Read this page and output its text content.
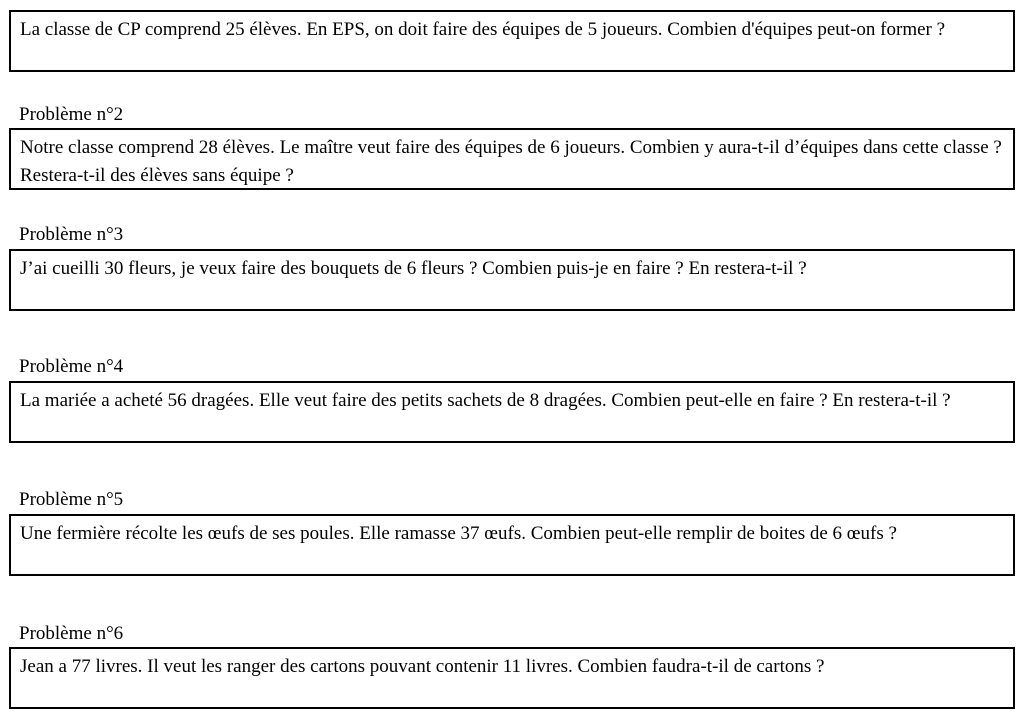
La classe de CP comprend 25 élèves. En EPS, on doit faire des équipes de 5 joueurs. Combien d'équipes peut-on former ?

Problème n°2

Notre classe comprend 28 élèves. Le maître veut faire des équipes de 6 joueurs. Combien y aura-t-il d’équipes dans cette classe ? Restera-t-il des élèves sans équipe ?

Problème n°3

J’ai cueilli 30 fleurs, je veux faire des bouquets de 6 fleurs ? Combien puis-je en faire ? En restera-t-il ?

Problème n°4

La mariée a acheté 56 dragées. Elle veut faire des petits sachets de 8 dragées. Combien peut-elle en faire ? En restera-t-il ?

Problème n°5

Une fermière récolte les œufs de ses poules. Elle ramasse 37 œufs. Combien peut-elle remplir de boites de 6 œufs ?

Problème n°6

Jean a 77 livres. Il veut les ranger des cartons pouvant contenir 11 livres. Combien faudra-t-il de cartons ?
